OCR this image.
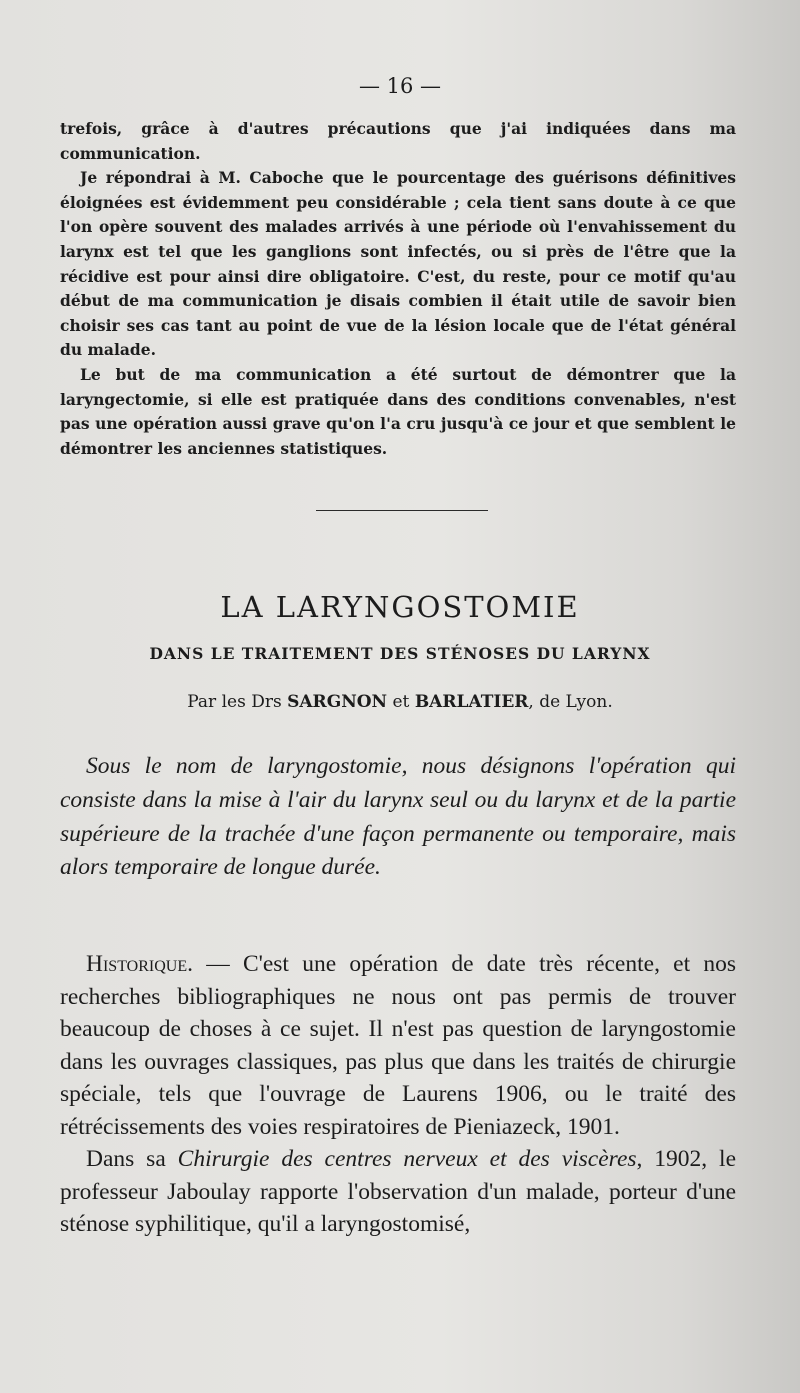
— 16 —

trefois, grâce à d'autres précautions que j'ai indiquées dans ma communication.

Je répondrai à M. Caboche que le pourcentage des guérisons définitives éloignées est évidemment peu considérable ; cela tient sans doute à ce que l'on opère souvent des malades arrivés à une période où l'envahissement du larynx est tel que les ganglions sont infectés, ou si près de l'être que la récidive est pour ainsi dire obligatoire. C'est, du reste, pour ce motif qu'au début de ma communication je disais combien il était utile de savoir bien choisir ses cas tant au point de vue de la lésion locale que de l'état général du malade.

Le but de ma communication a été surtout de démontrer que la laryngectomie, si elle est pratiquée dans des conditions convenables, n'est pas une opération aussi grave qu'on l'a cru jusqu'à ce jour et que semblent le démontrer les anciennes statistiques.

LA LARYNGOSTOMIE
DANS LE TRAITEMENT DES STÉNOSES DU LARYNX
Par les Drs SARGNON et BARLATIER, de Lyon.

Sous le nom de laryngostomie, nous désignons l'opération qui consiste dans la mise à l'air du larynx seul ou du larynx et de la partie supérieure de la trachée d'une façon permanente ou temporaire, mais alors temporaire de longue durée.

Historique. — C'est une opération de date très récente, et nos recherches bibliographiques ne nous ont pas permis de trouver beaucoup de choses à ce sujet. Il n'est pas question de laryngostomie dans les ouvrages classiques, pas plus que dans les traités de chirurgie spéciale, tels que l'ouvrage de Laurens 1906, ou le traité des rétrécissements des voies respiratoires de Pieniazeck, 1901.

Dans sa Chirurgie des centres nerveux et des viscères, 1902, le professeur Jaboulay rapporte l'observation d'un malade, porteur d'une sténose syphilitique, qu'il a laryngostomisé,
